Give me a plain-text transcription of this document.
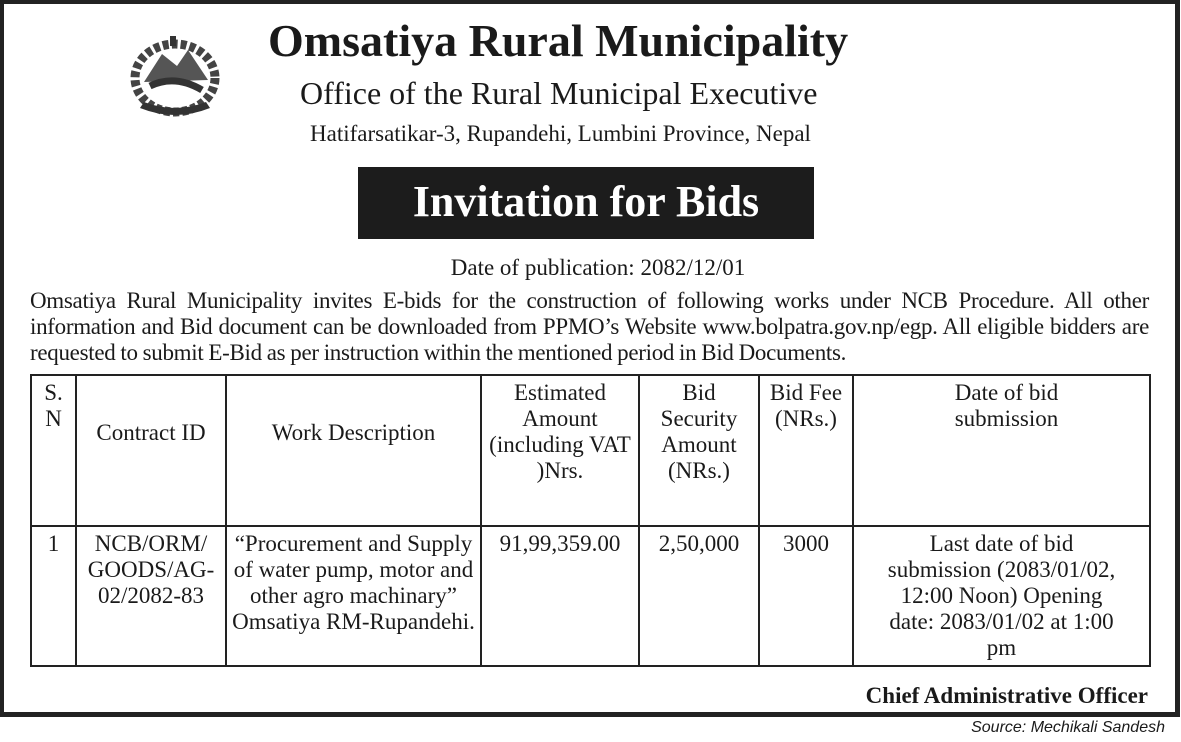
Omsatiya Rural Municipality
Office of the Rural Municipal Executive
Hatifarsatikar-3, Rupandehi, Lumbini Province, Nepal
Invitation for Bids
Date of publication: 2082/12/01
Omsatiya Rural Municipality invites E-bids for the construction of following works under NCB Procedure. All other information and Bid document can be downloaded from PPMO’s Website www.bolpatra.gov.np/egp. All eligible bidders are requested to submit E-Bid as per instruction within the mentioned period in Bid Documents.
S. N	Contract ID	Work Description	Estimated Amount (including VAT )Nrs.	Bid Security Amount (NRs.)	Bid Fee (NRs.)	Date of bid submission
1	NCB/ORM/ GOODS/AG-02/2082-83	“Procurement and Supply of water pump, motor and other agro machinary” Omsatiya RM-Rupandehi.	91,99,359.00	2,50,000	3000	Last date of bid submission (2083/01/02, 12:00 Noon) Opening date: 2083/01/02 at 1:00 pm
Chief Administrative Officer
Source: Mechikali Sandesh
